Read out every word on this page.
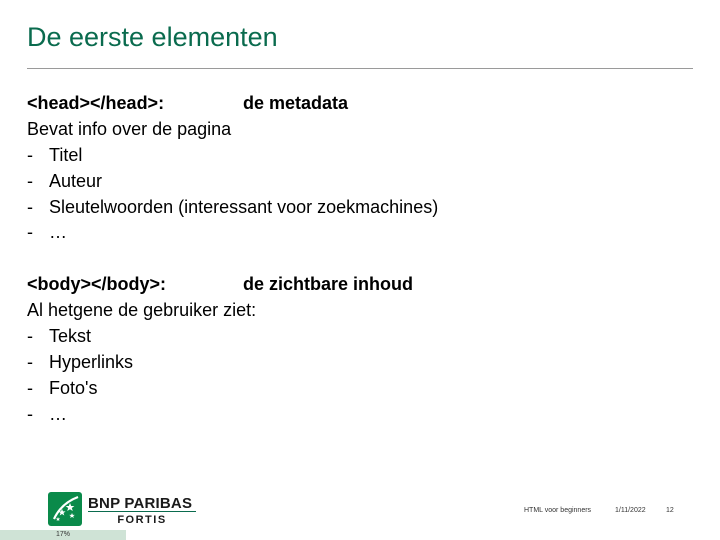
De eerste elementen
<head></head>:	de metadata
Bevat info over de pagina
- Titel
- Auteur
- Sleutelwoorden (interessant voor zoekmachines)
- …
<body></body>:	de zichtbare inhoud
Al hetgene de gebruiker ziet:
- Tekst
- Hyperlinks
- Foto's
- …
BNP PARIBAS
FORTIS
HTML voor beginners	1/11/2022	12
17%
